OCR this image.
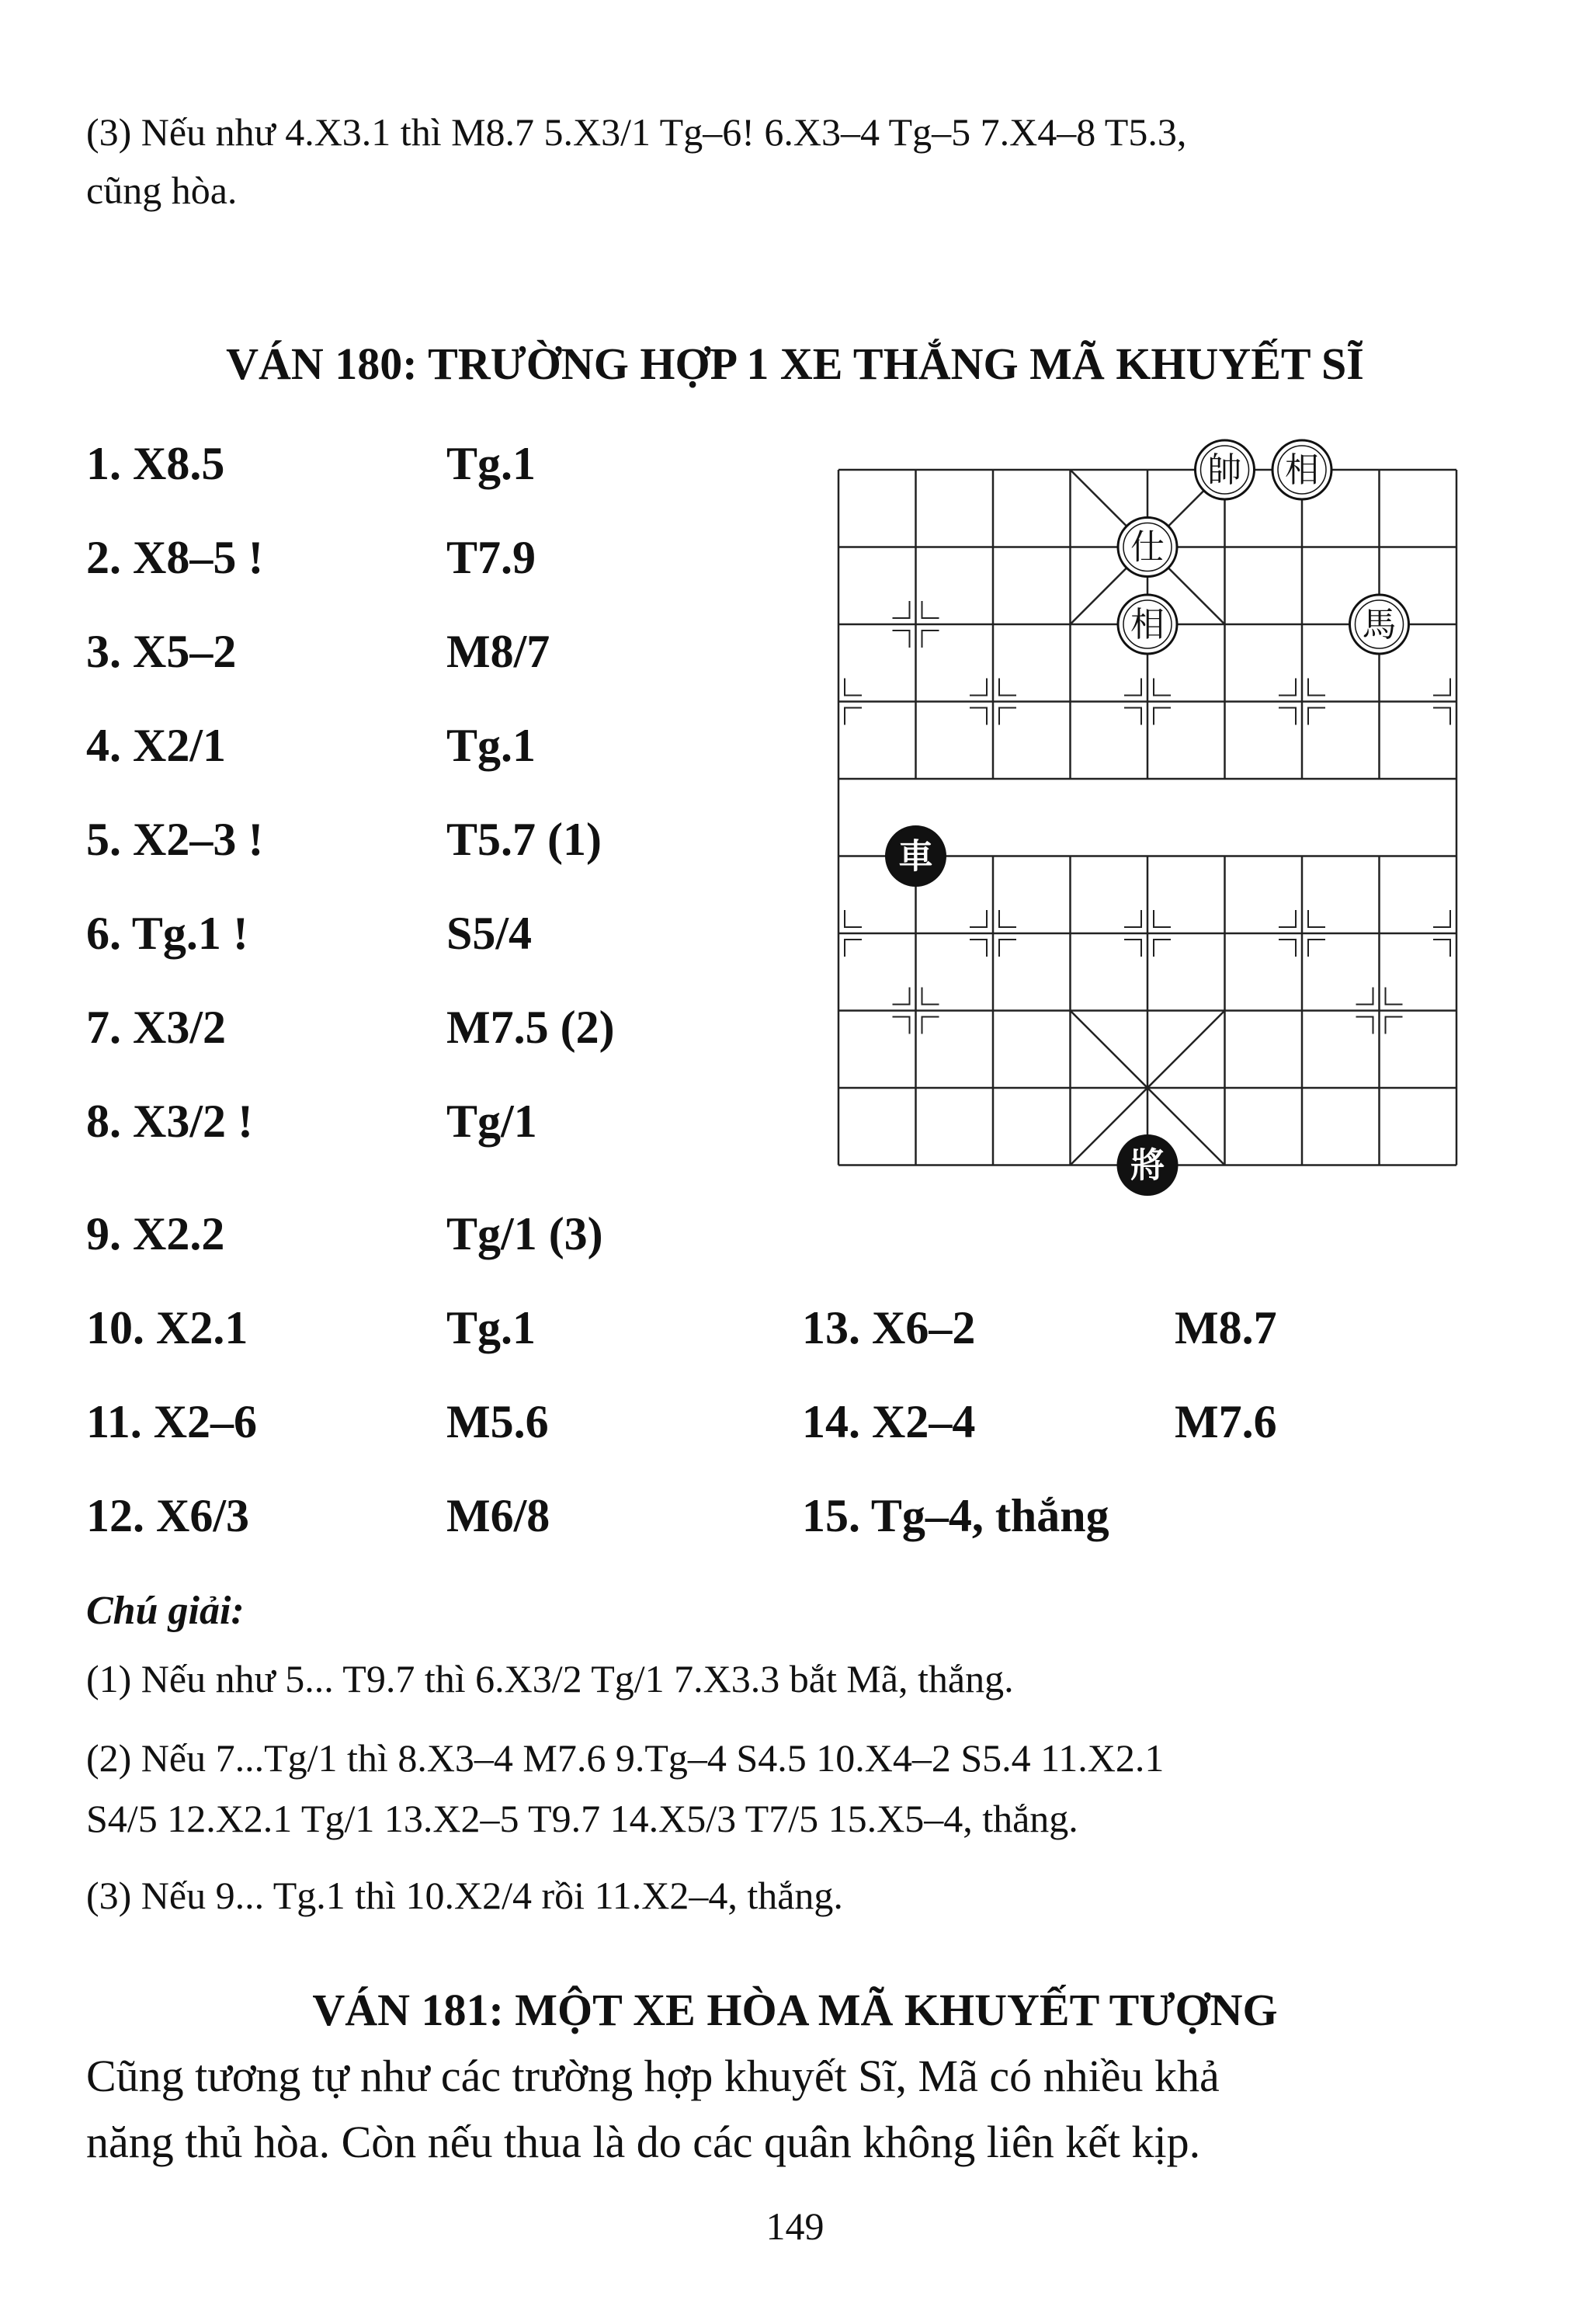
(3) Nếu như 4.X3.1 thì M8.7 5.X3/1 Tg–6! 6.X3–4 Tg–5 7.X4–8 T5.3,
cũng hòa.
VÁN 180: TRƯỜNG HỢP 1 XE THẮNG MÃ KHUYẾT SĨ
1. X8.5	Tg.1
2. X8–5 !	T7.9
3. X5–2	M8/7
4. X2/1	Tg.1
5. X2–3 !	T5.7 (1)
6. Tg.1 !	S5/4
7. X3/2	M7.5 (2)
8. X3/2 !	Tg/1
9. X2.2	Tg/1 (3)
10. X2.1	Tg.1
11. X2–6	M5.6
12. X6/3	M6/8
13. X6–2	M8.7
14. X2–4	M7.6
15. Tg–4, thắng
帥 相
仕
相	馬
車
將
Chú giải:
(1) Nếu như 5... T9.7 thì 6.X3/2 Tg/1 7.X3.3 bắt Mã, thắng.
(2) Nếu 7...Tg/1 thì 8.X3–4 M7.6 9.Tg–4 S4.5 10.X4–2 S5.4 11.X2.1
S4/5 12.X2.1 Tg/1 13.X2–5 T9.7 14.X5/3 T7/5 15.X5–4, thắng.
(3) Nếu 9... Tg.1 thì 10.X2/4 rồi 11.X2–4, thắng.
VÁN 181: MỘT XE HÒA MÃ KHUYẾT TƯỢNG
Cũng tương tự như các trường hợp khuyết Sĩ, Mã có nhiều khả
năng thủ hòa. Còn nếu thua là do các quân không liên kết kịp.
149
